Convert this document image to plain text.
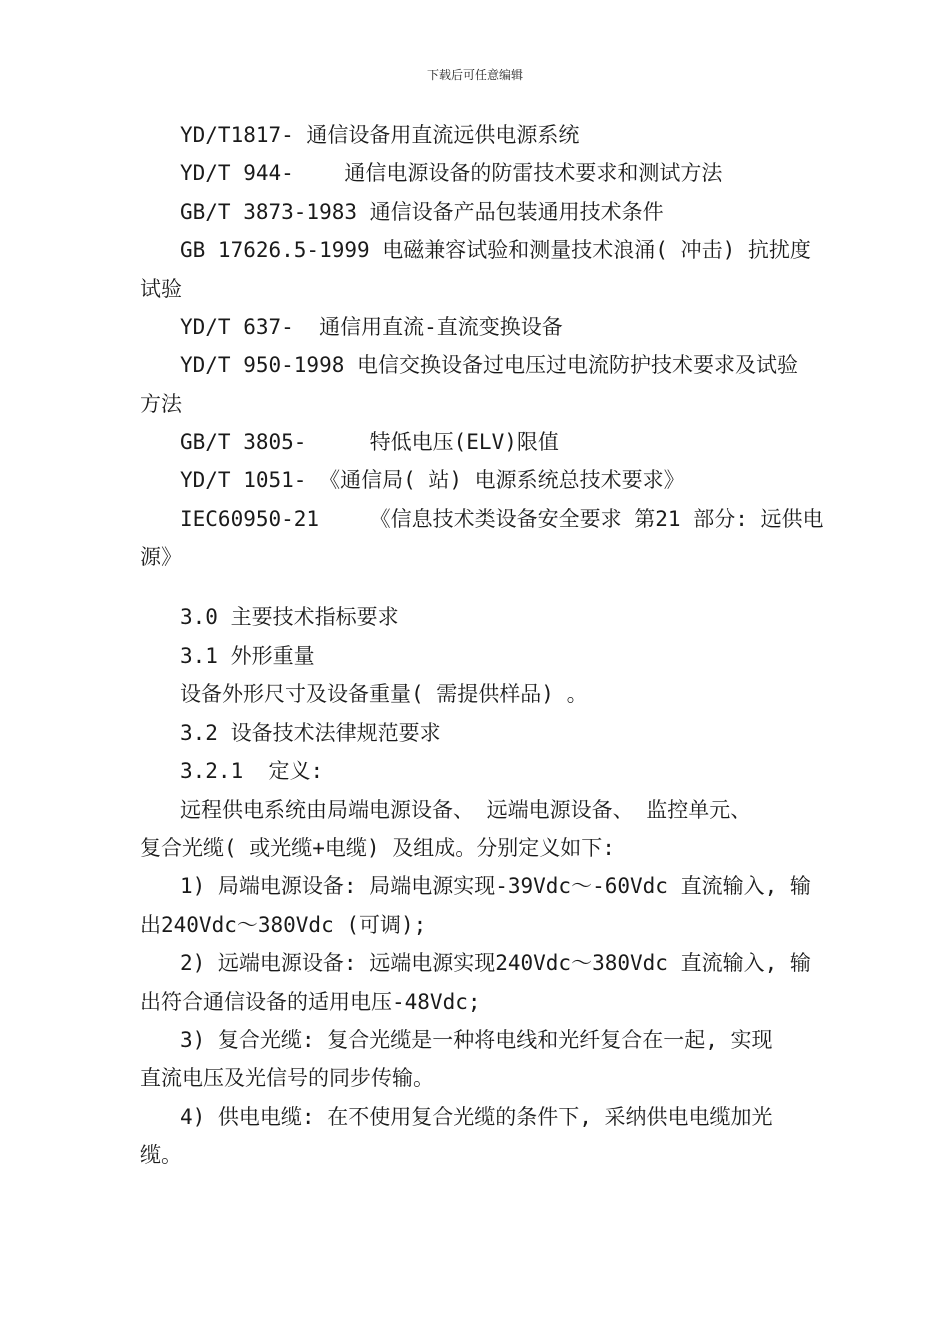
下载后可任意编辑
YD/T1817- 通信设备用直流远供电源系统
YD/T 944-    通信电源设备的防雷技术要求和测试方法
GB/T 3873-1983 通信设备产品包装通用技术条件
GB 17626.5-1999 电磁兼容试验和测量技术浪涌( 冲击) 抗扰度
试验
YD/T 637-  通信用直流-直流变换设备
YD/T 950-1998 电信交换设备过电压过电流防护技术要求及试验
方法
GB/T 3805-     特低电压(ELV)限值
YD/T 1051- 《通信局( 站) 电源系统总技术要求》
IEC60950-21    《信息技术类设备安全要求 第21 部分: 远供电
源》
3.0 主要技术指标要求
3.1 外形重量
设备外形尺寸及设备重量( 需提供样品) 。
3.2 设备技术法律规范要求
3.2.1  定义:
远程供电系统由局端电源设备、 远端电源设备、 监控单元、
复合光缆( 或光缆+电缆) 及组成。分别定义如下:
1) 局端电源设备: 局端电源实现-39Vdc～-60Vdc 直流输入, 输
出240Vdc～380Vdc (可调);
2) 远端电源设备: 远端电源实现240Vdc～380Vdc 直流输入, 输
出符合通信设备的适用电压-48Vdc;
3) 复合光缆: 复合光缆是一种将电线和光纤复合在一起, 实现
直流电压及光信号的同步传输。
4) 供电电缆: 在不使用复合光缆的条件下, 采纳供电电缆加光
缆。
